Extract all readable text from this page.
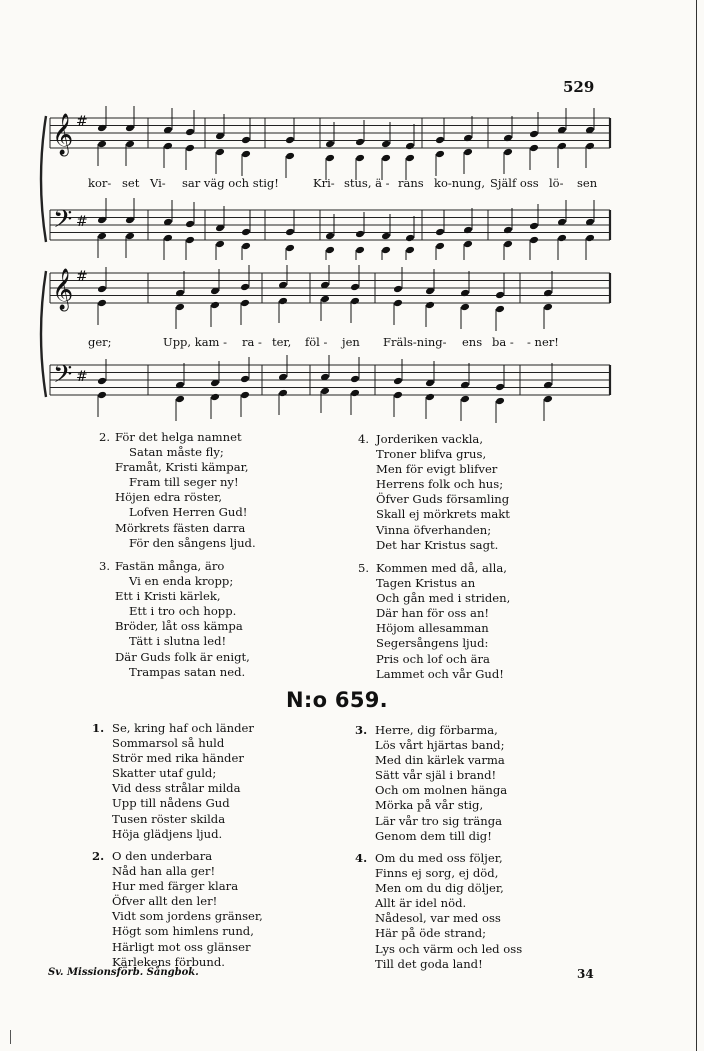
529
𝄞
𝄢
#
#
kor- set Vi- sar väg och stig!	Kri- stus, ä - rans ko-nung, Själf oss lö- sen
𝄞
𝄢
#
#
ger;	Upp, kam - ra - ter, föl - jen Fräls-ning- ens ba - - ner!
2. För det helga namnet
Satan måste fly;
Framåt, Kristi kämpar,
Fram till seger ny!
Höjen edra röster,
Lofven Herren Gud!
Mörkrets fästen darra
För den sångens ljud.
3. Fastän många, äro
Vi en enda kropp;
Ett i Kristi kärlek,
Ett i tro och hopp.
Bröder, låt oss kämpa
Tätt i slutna led!
Där Guds folk är enigt,
Trampas satan ned.
4. Jorderiken vackla,
Troner blifva grus,
Men för evigt blifver
Herrens folk och hus;
Öfver Guds församling
Skall ej mörkrets makt
Vinna öfverhanden;
Det har Kristus sagt.
5. Kommen med då, alla,
Tagen Kristus an
Och gån med i striden,
Där han för oss an!
Höjom allesamman
Segersångens ljud:
Pris och lof och ära
Lammet och vår Gud!
N:o 659.
1. Se, kring haf och länder
Sommarsol så huld
Strör med rika händer
Skatter utaf guld;
Vid dess strålar milda
Upp till nådens Gud
Tusen röster skilda
Höja glädjens ljud.
2. O den underbara
Nåd han alla ger!
Hur med färger klara
Öfver allt den ler!
Vidt som jordens gränser,
Högt som himlens rund,
Härligt mot oss glänser
Kärlekens förbund.
3. Herre, dig förbarma,
Lös vårt hjärtas band;
Med din kärlek varma
Sätt vår själ i brand!
Och om molnen hänga
Mörka på vår stig,
Lär vår tro sig tränga
Genom dem till dig!
4. Om du med oss följer,
Finns ej sorg, ej död,
Men om du dig döljer,
Allt är idel nöd.
Nådesol, var med oss
Här på öde strand;
Lys och värm och led oss
Till det goda land!
Sv. Missionsförb. Sångbok.	34
